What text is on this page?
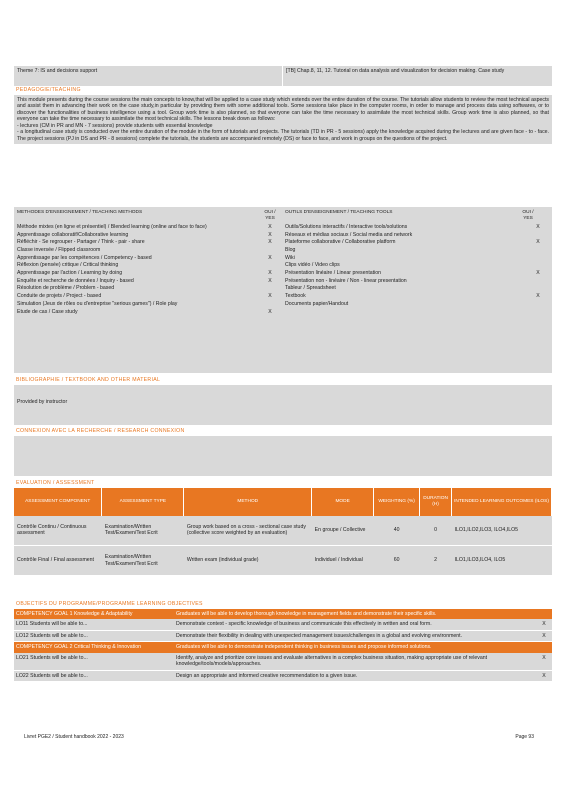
Theme 7: IS and decisions support	[TB] Chap.8, 11, 12. Tutorial on data analysis and visualization for decision making. Case study
PEDAGOGIE/TEACHING

This module presents during the course sessions the main concepts to know,that will be applied to a case study which extends over the entire duration of the course. The tutorials allow students to review the most technical aspects and assist them in advancing their work on the case study,in particular by providing them with some additional tools. Some sessions take place in the computer rooms, in order to manage and process data using softwares, or to discover the functionalities of business intelligence using a tool. Group work time is also planned, so that everyone can take the time necessary to assimilate the most technical skills. Group work time is also planned, so that everyone can take the time necessary to assimilate the most technical skills. The lessons break down as follows:

- lectures (CM in PR and MN - 7 sessions) provide students with essential knowledge

- a longitudinal case study is conducted over the entire duration of the module in the form of tutorials and projects. The tutorials (TD in PR - 5 sessions) apply the knowledge acquired during the lectures and are given face - to - face. The project sessions (PJ in DS and PR - 8 sessions) complete the tutorials, the students are accompanied remotely (DS) or face to face, and work in groups on the questions of the project.

METHODES D'ENSEIGNEMENT / TEACHING METHODS	OUI / YES
OUTILS D'ENSEIGNEMENT / TEACHING TOOLS	OUI / YES
Méthode mixtes (en ligne et présentiel) / Blended learning (online and face to face)	X
Apprentissage collaboratif/Collaborative learning	X
Réfléchir - Se regrouper - Partager / Think - pair - share	X
Classe inversée / Flipped classroom
Apprentissage par les compétences / Competency - based	X
Réflexion (pensée) critique / Critical thinking
Apprentissage par l'action / Learning by doing	X
Enquête et recherche de données / Inquiry - based	X
Résolution de problème / Problem - based
Conduite de projets / Project - based	X
Simulation (Jeux de rôles ou d'entreprise "serious games") / Role play
Etude de cas / Case study	X
Outils/Solutions interactifs / Interactive tools/solutions	X
Réseaux et médias sociaux / Social media and network
Plateforme collaborative / Collaborative platform	X
Blog
Wiki
Clips vidéo / Video clips
Présentation linéaire / Linear presentation	X
Présentation non - linéaire / Non - linear presentation
Tableur / Spreadsheet
Textbook	X
Documents papier/Handout
BIBLIOGRAPHIE / TEXTBOOK AND OTHER MATERIAL
Provided by instructor
CONNEXION AVEC LA RECHERCHE / RESEARCH CONNEXION
EVALUATION / ASSESSMENT
ASSESSMENT COMPONENT	ASSESSMENT TYPE	METHOD	MODE	WEIGHTING (%)	DURATION (H)	INTENDED LEARNING OUTCOMES (ILOS)
Contrôle Continu / Continuous assessment	Examination/Written Test/Examen/Test Ecrit	Group work based on a cross - sectional case study (collective score weighted by an evaluation)	En groupe / Collective	40	0	ILO1,ILO2,ILO3, ILO4,ILO5
Contrôle Final / Final assessment	Examination/Written Test/Examen/Test Ecrit	Written exam (individual grade)	Individuel / Individual	60	2	ILO1,ILO3,ILO4, ILO5
OBJECTIFS DU PROGRAMME/PROGRAMME LEARNING OBJECTIVES
COMPETENCY GOAL 1 Knowledge & Adaptability	Graduates will be able to develop thorough knowledge in management fields and demonstrate their specific skills.	
LO11 Students will be able to...	Demonstrate context - specific knowledge of business and communicate this effectively in written and oral form.	X
LO12 Students will be able to...	Demonstrate their flexibility in dealing with unexpected management issues/challenges in a global and evolving environment.	X
COMPETENCY GOAL 2 Critical Thinking & Innovation	Graduates will be able to demonstrate independent thinking in business issues and propose informed solutions.	
LO21 Students will be able to...	Identify, analyze and prioritize core issues and evaluate alternatives in a complex business situation, making appropriate use of relevant knowledge/tools/models/approaches.	X
LO22 Students will be able to...	Design an appropriate and informed creative recommendation to a given issue.	X
Livret PGE2 / Student handbook 2022 - 2023	Page 93
